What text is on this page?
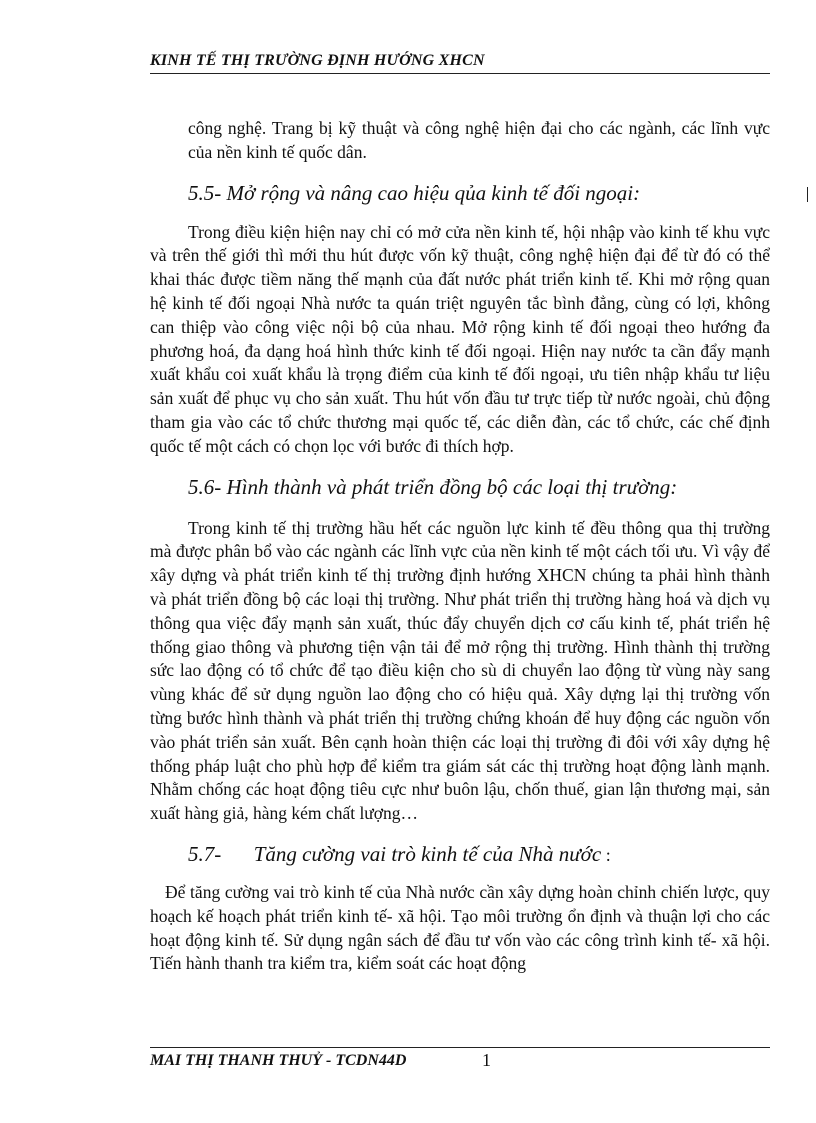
KINH TẾ THỊ TRƯỜNG ĐỊNH HƯỚNG XHCN

công nghệ. Trang bị kỹ thuật và công nghệ hiện đại cho các ngành, các lĩnh vực của nền kinh tế quốc dân.

5.5- Mở rộng và nâng cao hiệu qủa kinh tế đối ngoại:

Trong điều kiện hiện nay chỉ có mở cửa nền kinh tế, hội nhập vào kinh tế khu vực và trên thế giới thì mới thu hút được vốn kỹ thuật, công nghệ hiện đại để từ đó có thể khai thác được tiềm năng thế mạnh của đất nước phát triển kinh tế. Khi mở rộng quan hệ kinh tế đối ngoại Nhà nước ta quán triệt nguyên tắc bình đẳng, cùng có lợi, không can thiệp vào công việc nội bộ của nhau. Mở rộng kinh tế đối ngoại theo hướng đa phương hoá, đa dạng hoá hình thức kinh tế đối ngoại. Hiện nay nước ta cần đẩy mạnh xuất khẩu coi xuất khẩu là trọng điểm của kinh tế đối ngoại, ưu tiên nhập khẩu tư liệu sản xuất để phục vụ cho sản xuất. Thu hút vốn đầu tư trực tiếp từ nước ngoài, chủ động tham gia vào các tổ chức thương mại quốc tế, các diễn đàn, các tổ chức, các chế định quốc tế một cách có chọn lọc với bước đi thích hợp.

5.6- Hình thành và phát triển đồng bộ các loại thị trường:

Trong kinh tế thị trường hầu hết các nguồn lực kinh tế đều thông qua thị trường mà được phân bổ vào các ngành các lĩnh vực của nền kinh tế một cách tối ưu. Vì vậy để xây dựng và phát triển kinh tế thị trường định hướng XHCN chúng ta phải hình thành và phát triển đồng bộ các loại thị trường. Như phát triển thị trường hàng hoá và dịch vụ thông qua việc đẩy mạnh sản xuất, thúc đẩy chuyển dịch cơ cấu kinh tế, phát triển hệ thống giao thông và phương tiện vận tải để mở rộng thị trường. Hình thành thị trường sức lao động có tổ chức để tạo điều kiện cho sù di chuyển lao động từ vùng này sang vùng khác để sử dụng nguồn lao động cho có hiệu quả. Xây dựng lại thị trường vốn từng bước hình thành và phát triển thị trường chứng khoán để huy động các nguồn vốn vào phát triển sản xuất. Bên cạnh hoàn thiện các loại thị trường đi đôi với xây dựng hệ thống pháp luật cho phù hợp để kiểm tra giám sát các thị trường hoạt động lành mạnh. Nhằm chống các hoạt động tiêu cực như buôn lậu, chốn thuế, gian lận thương mại, sản xuất hàng giả, hàng kém chất lượng…

5.7- Tăng cường vai trò kinh tế của Nhà nước :

Để tăng cường vai trò kinh tế của Nhà nước cần xây dựng hoàn chỉnh chiến lược, quy hoạch kế hoạch phát triển kinh tế- xã hội. Tạo môi trường ổn định và thuận lợi cho các hoạt động kinh tế. Sử dụng ngân sách để đầu tư vốn vào các công trình kinh tế- xã hội. Tiến hành thanh tra kiểm tra, kiểm soát các hoạt động

MAI THỊ THANH THUỶ - TCDN44D	1
